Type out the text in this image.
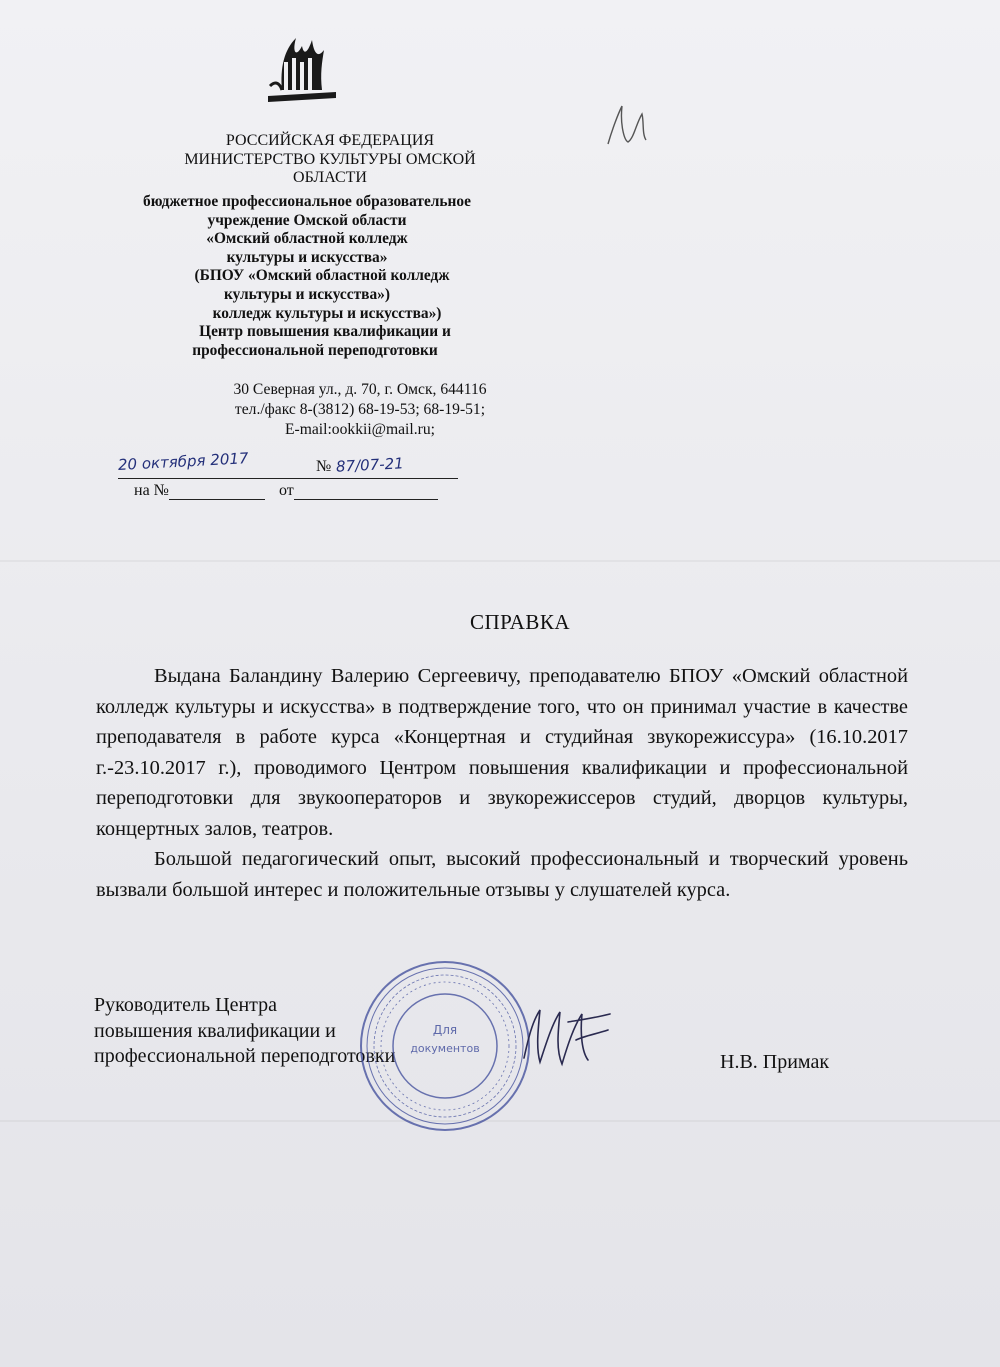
РОССИЙСКАЯ ФЕДЕРАЦИЯ
МИНИСТЕРСТВО КУЛЬТУРЫ ОМСКОЙ
ОБЛАСТИ
бюджетное профессиональное образовательное
учреждение Омской области
«Омский областной колледж
культуры и искусства»
(БПОУ «Омский областной колледж
культуры и искусства»)
колледж культуры и искусства»)
Центр повышения квалификации и
профессиональной переподготовки
30 Северная ул., д. 70, г. Омск, 644116
тел./факс 8-(3812) 68-19-53; 68-19-51;
E-mail:ookkii@mail.ru;
20 октября 2017	№ 87/07-21
на №	от
СПРАВКА

Выдана Баландину Валерию Сергеевичу, преподавателю БПОУ «Омский областной колледж культуры и искусства» в подтверждение того, что он принимал участие в качестве преподавателя в работе курса «Концертная и студийная звукорежиссура» (16.10.2017 г.-23.10.2017 г.), проводимого Центром повышения квалификации и профессиональной переподготовки для звукооператоров и звукорежиссеров студий, дворцов культуры, концертных залов, театров.

Большой педагогический опыт, высокий профессиональный и творческий уровень вызвали большой интерес и положительные отзывы у слушателей курса.

Руководитель Центра
повышения квалификации и
профессиональной переподготовки
Для
документов
Н.В. Примак
